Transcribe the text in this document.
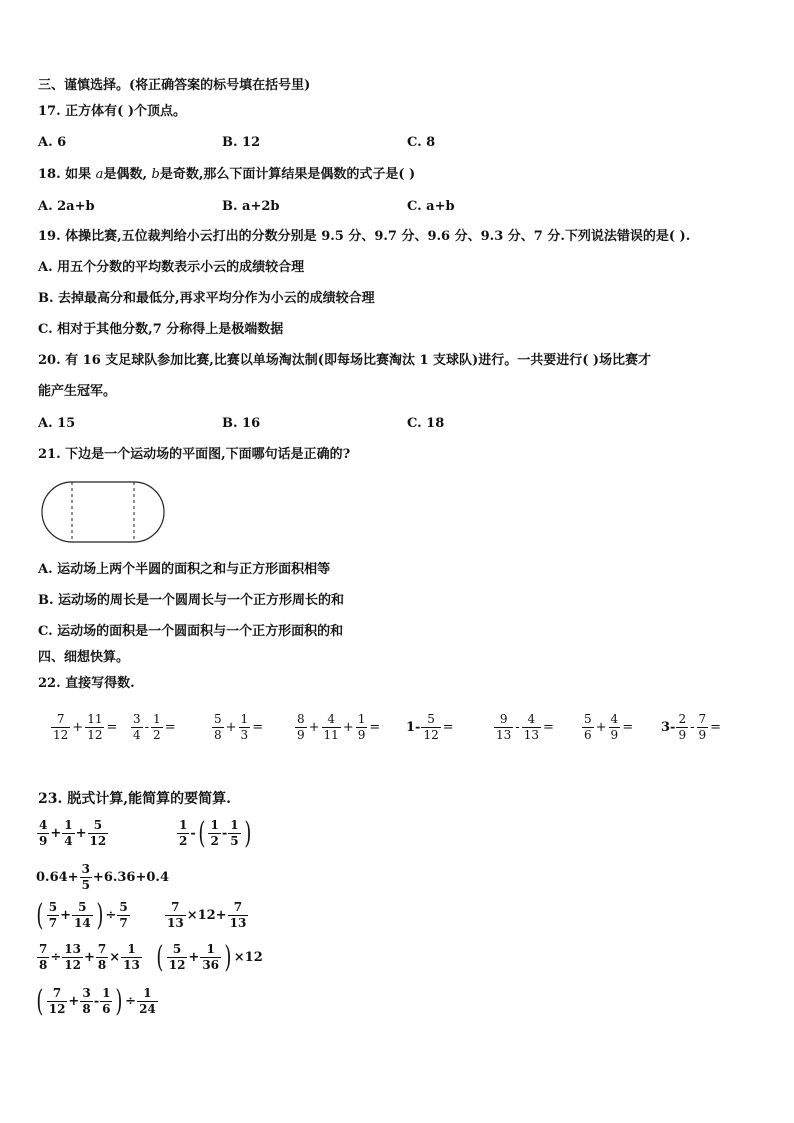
三、谨慎选择。(将正确答案的标号填在括号里)
17. 正方体有( )个顶点。
A. 6	B. 12	C. 8
18. 如果 a是偶数, b是奇数,那么下面计算结果是偶数的式子是( )
A. 2a+b	B. a+2b	C. a+b
19. 体操比赛,五位裁判给小云打出的分数分别是 9.5 分、9.7 分、9.6 分、9.3 分、7 分.下列说法错误的是( ).
A. 用五个分数的平均数表示小云的成绩较合理
B. 去掉最高分和最低分,再求平均分作为小云的成绩较合理
C. 相对于其他分数,7 分称得上是极端数据
20. 有 16 支足球队参加比赛,比赛以单场淘汰制(即每场比赛淘汰 1 支球队)进行。一共要进行( )场比赛才
能产生冠军。
A. 15	B. 16	C. 18
21. 下边是一个运动场的平面图,下面哪句话是正确的?
A. 运动场上两个半圆的面积之和与正方形面积相等
B. 运动场的周长是一个圆周长与一个正方形周长的和
C. 运动场的面积是一个圆面积与一个正方形面积的和
四、细想快算。
22. 直接写得数.
$\frac{7}{12} + \frac{11}{12} = \frac{3}{4} - \frac{1}{2}$ =	$\frac{5}{8} + \frac{1}{3}$ =	$\frac{8}{9} + \frac{4}{11} + \frac{1}{9} = 1- \frac{5}{12}$ =	$\frac{9}{13} - \frac{4}{13} = \frac{5}{6} + \frac{4}{9} = 3- \frac{2}{9} - \frac{7}{9}$ =
23. 脱式计算,能简算的要简算.
$\frac{4}{9} + \frac{1}{4} + \frac{5}{12}$	$\frac{1}{2}$ - ( $\frac{1}{2} - \frac{1}{5}$ )
$0.64+ \frac{3}{5} +6.36+0.4$
( $\frac{5}{7} + \frac{5}{14}$ ) ÷ $\frac{5}{7}$	$\frac{7}{13} \times 12+ \frac{7}{13}$
$\frac{7}{8} \div \frac{13}{12} + \frac{7}{8} \times \frac{1}{13}$ ( $\frac{5}{12} + \frac{1}{36}$ ) ×12
( $\frac{7}{12} + \frac{3}{8} - \frac{1}{6}$ ) ÷ $\frac{1}{24}$
